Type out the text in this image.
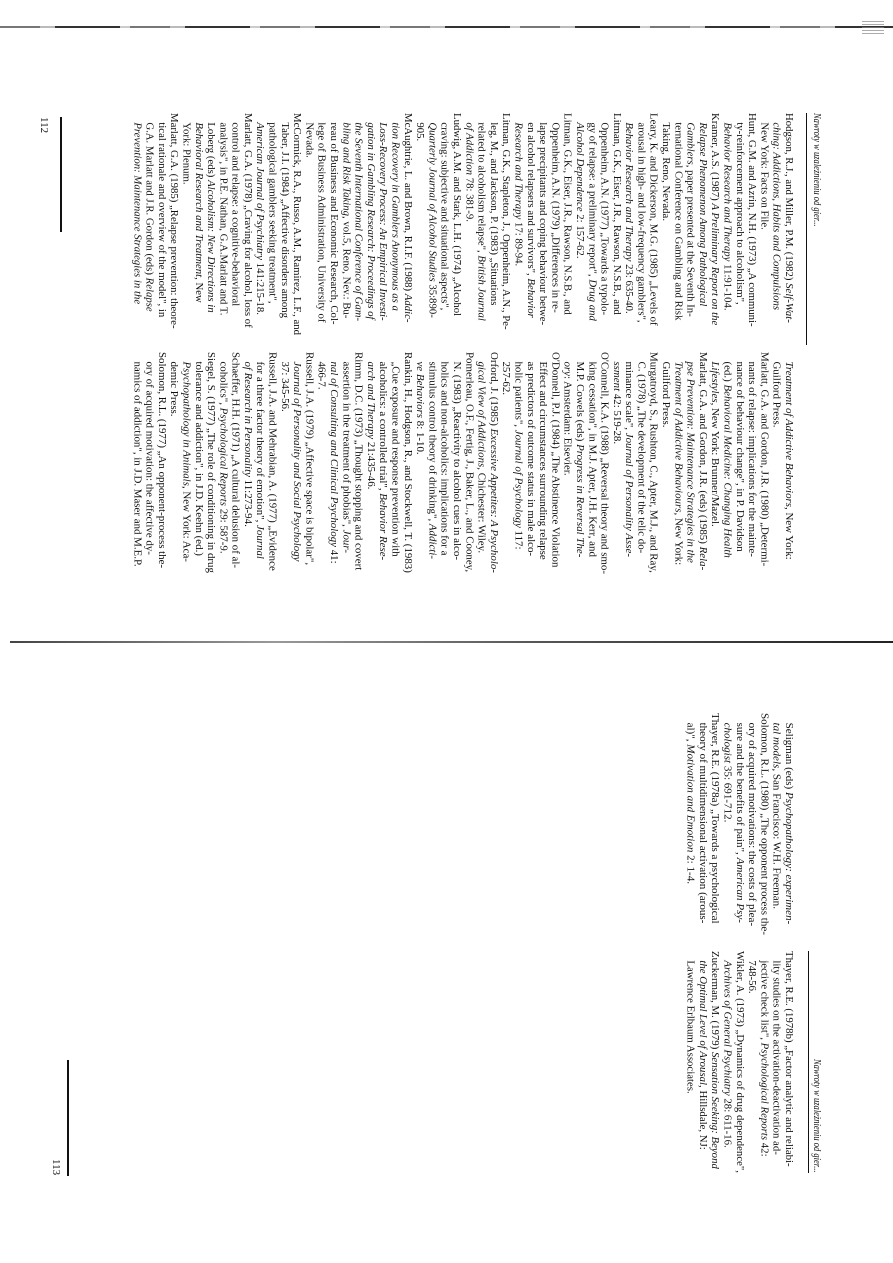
Nawroty w uzależnieniu od gier...
112	Hodgson, R.J., and Miller, P.M. (1982) Self-Wat-
ching: Addictions, Habits and Compulsions
New York: Facts on File.
Hunt, G.M. and Azrin, N.H. (1973) „A communi-
ty-reinforcement approach to alcoholism",
Behavior Research and Therapy 11:91-104.
Kramer, A.S. (1987) A Preliminary Report on the
Relapse Phenomenon Among Pathological
Gamblers, paper presented at the Seventh In-
ternational Conference on Gambling and Risk
Taking, Reno, Nevada.
Leary, K. and Dickerson, M.G. (1985) „Levels of
arousal in high- and low-frequency gamblers",
Behavior Research and Therapy 23: 635-40.
Litman, G.K., Eiser, J.R., Rawson, N.S.B., and
Oppenheim, A.N. (1977) „Towards a typolo-
gy of relapse: a preliminary report", Drug and
Alcohol Dependence 2: 157-62.
Litman, G.K., Eiser, J.R., Rawson, N.S.B., and
Oppenheim, A.N. (1979) „Differences in re-
lapse precipitants and coping behaviour betwe-
en alcohol relapsers and survivors", Behavior
Research and Therapy 17: 89-94.
Litman, G.K., Stapleton, J., Oppenheim, A.N., Pe-
leg, M., and Jackson, P. (1983) „Situations
related to alcoholism relapse", British Journal
of Addiction 78: 381-9.
Ludwig, A.M. and Stark, L.H. (1974) „Alcohol
craving: subjective and situational aspects",
Quarterly Journal of Alcohol Studies 35:890-
905.
McAughtrie, L. and Brown, R.I.F. (1988) Addic-
tion Recovery in Gamblers Anonymous as a
Loss-Recovery Process: An Empirical Investi-
gation in Gambling Research: Proceedings of
the Seventh International Conference of Gam-
bling and Risk Taking, vol.5, Reno, Nev.: Bu-
reau of Business and Economic Research, Col-
lege of Business Administration, University of
Nevada.
McCormick, R.A., Russo, A.M., Ramirez, L.F., and
Taber, J.I. (1984) „Affective disorders among
pathological gamblers seeking treatment",
American Journal of Psychiatry 141:215-18.
Marlatt, G.A. (1978) „Craving for alcohol, loss of
control and relapse: a cognitive-behavioral
analysis", in P.E. Nathan, G.A.Marlatt and T.
Loberg (eds) Alcoholism: New Directions in
Behavioral Research and Treatment, New
York: Plenum.
Marlatt, G.A. (1985) „Relapse prevention: theore-
tical rationale and overview of the model", in
G.A. Marlatt and J.R. Gordon (eds) Relapse
Prevention: Maintenance Strategies in the
Treatment of Addictive Behaviors, New York:
Guilford Press.
Marlatt, G.A. and Gordon, J.R. (1980) „Determi-
nants of relapse: implications for the mainte-
nance of behaviour change", in P. Davidson
(ed.) Behavioral Medicine: Changing Health
Lifestyles, New York: Brunner/Mazel.
Marlatt, G.A. and Gordon, J.R. (eds) (1985) Rela-
pse Prevention: Maintenance Strategies in the
Treatment of Addictive Behaviours, New York:
Guilford Press.
Murgatroyd, S., Rushton, C., Apter, M.J., and Ray,
C. (1978) „The development of the telic do-
minance scale", Journal of Personality Asse-
ssment 42: 519-28.
O'Connell, K.A. (1988) „Reversal theory and smo-
king cessation", in M.J. Apter, J.H. Kerr, and
M.P. Cowels (eds) Progress in Reversal The-
ory: Amsterdam: Elsevier.
O'Donnell, P.J. (1984) „The Abstinence Violation
Effect and circumstances surrounding relapse
as predictors of outcome status in male alco-
holic patients", Journal of Psychology 117:
257-62.
Orford, J. (1985) Excessive Appetites: A Psycholo-
gical View of Addictions, Chichester: Wiley.
Pomerleau, O.F., Fertig, J., Baker, L., and Cooney,
N. (1983) „Reactivity to alcohol cues in alco-
holics and non-alcoholics: implications for a
stimulus control theory of drinking", Addicti-
ve Behaviors 8: 1-10.
Rankin, H., Hodgson, R., and Stockwell, T. (1983)
„Cue exposure and response prevention with
alcoholics: a controlled trial", Behavior Rese-
arch and Therapy 21:435-46.
Rimm, D.C. (1973) „Thought stopping and covert
assertion in the treatment of phobias", Jour-
nal of Consulting and Clinical Psychology 41:
466-7.
Russell, J.A. (1979) „Affective space is bipolar",
Journal of Personality and Social Psychology
37: 345-56.
Russell, J.A. and Mehrabian, A. (1977) „Evidence
for a three factor theory of emotion", Journal
of Research in Personality 11:273-94.
Schaeffer, H.H. (1971) „A cultural delusion of al-
coholics", Psychological Reports 29: 587-9.
Siegel, S. (1977) „The role of conditioning in drug
tolerance and addiction", in J.D. Keehn (ed.)
Psychopathology in Animals, New York: Aca-
demic Press.
Solomon, R.L. (1977) „An opponent-process the-
ory of acquired motivation: the affective dy-
namics of addiction", in J.D. Maser and M.E.P.
Nawroty w uzależnieniu od gier...
113
Seligman (eds) Psychopathology: experimen-
tal models, San Francisco: W.H. Freeman.
Solomon, R.L. (1980) „The opponent process the-
ory of acquired motivations: the costs of plea-
sure and the benefits of pain", American Psy-
chologist 35: 691-712.
Thayer, R.E. (1978a) „Towards a psychological
theory of multidimensional activation (arous-
al)", Motivation and Emotion 2: 1-4.
Thayer, R.E. (1978b) „Factor analytic and reliabi-
lity studies on the activation-deactivation ad-
jective check list", Psychological Reports 42:
748-56.
Wikler, A. (1973) „Dynamics of drug dependence",
Archives of General Psychiatry 28: 611-16.
Zuckerman, M. (1979) Sensation Seeking: Beyond
the Optimal Level of Arousal, Hillsdale, NJ:
Lawrence Erlbaum Associates.
